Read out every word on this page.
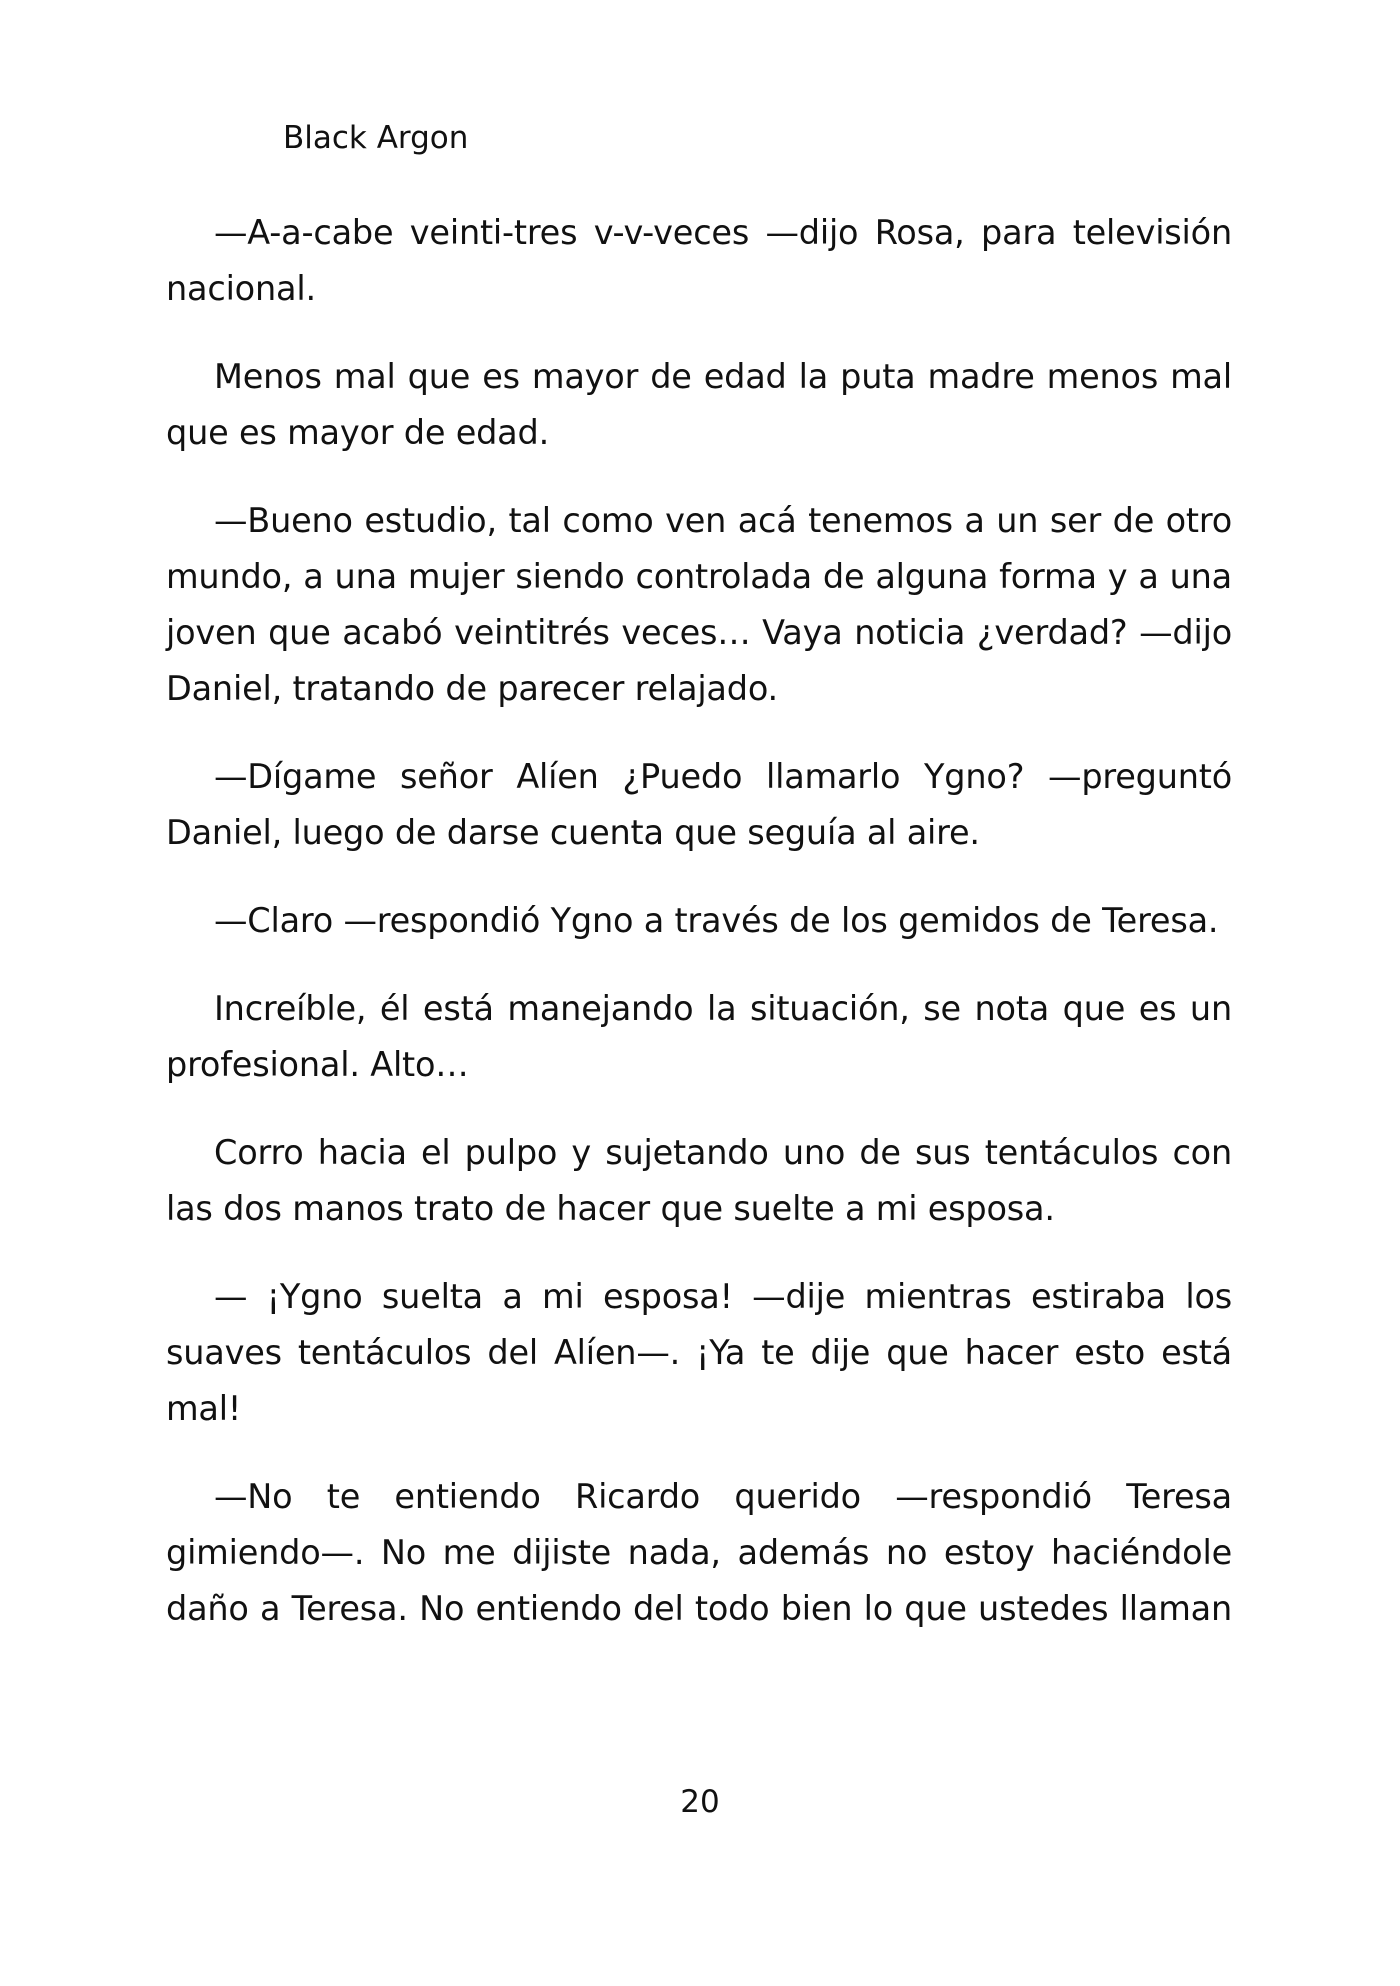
Black Argon

—A-a-cabe veinti-tres v-v-veces —dijo Rosa, para televisión nacional.

Menos mal que es mayor de edad la puta madre menos mal que es mayor de edad.

—Bueno estudio, tal como ven acá tenemos a un ser de otro mundo, a una mujer siendo controlada de alguna forma y a una joven que acabó veintitrés veces… Vaya noticia ¿verdad? —dijo Daniel, tratando de parecer relajado.

—Dígame señor Alíen ¿Puedo llamarlo Ygno? —preguntó Daniel, luego de darse cuenta que seguía al aire.

—Claro —respondió Ygno a través de los gemidos de Teresa.

Increíble, él está manejando la situación, se nota que es un profesional. Alto…

Corro hacia el pulpo y sujetando uno de sus tentáculos con las dos manos trato de hacer que suelte a mi esposa.

— ¡Ygno suelta a mi esposa! —dije mientras estiraba los suaves tentáculos del Alíen—. ¡Ya te dije que hacer esto está mal!

—No te entiendo Ricardo querido —respondió Teresa gimiendo—. No me dijiste nada, además no estoy haciéndole daño a Teresa. No entiendo del todo bien lo que ustedes llaman

20
